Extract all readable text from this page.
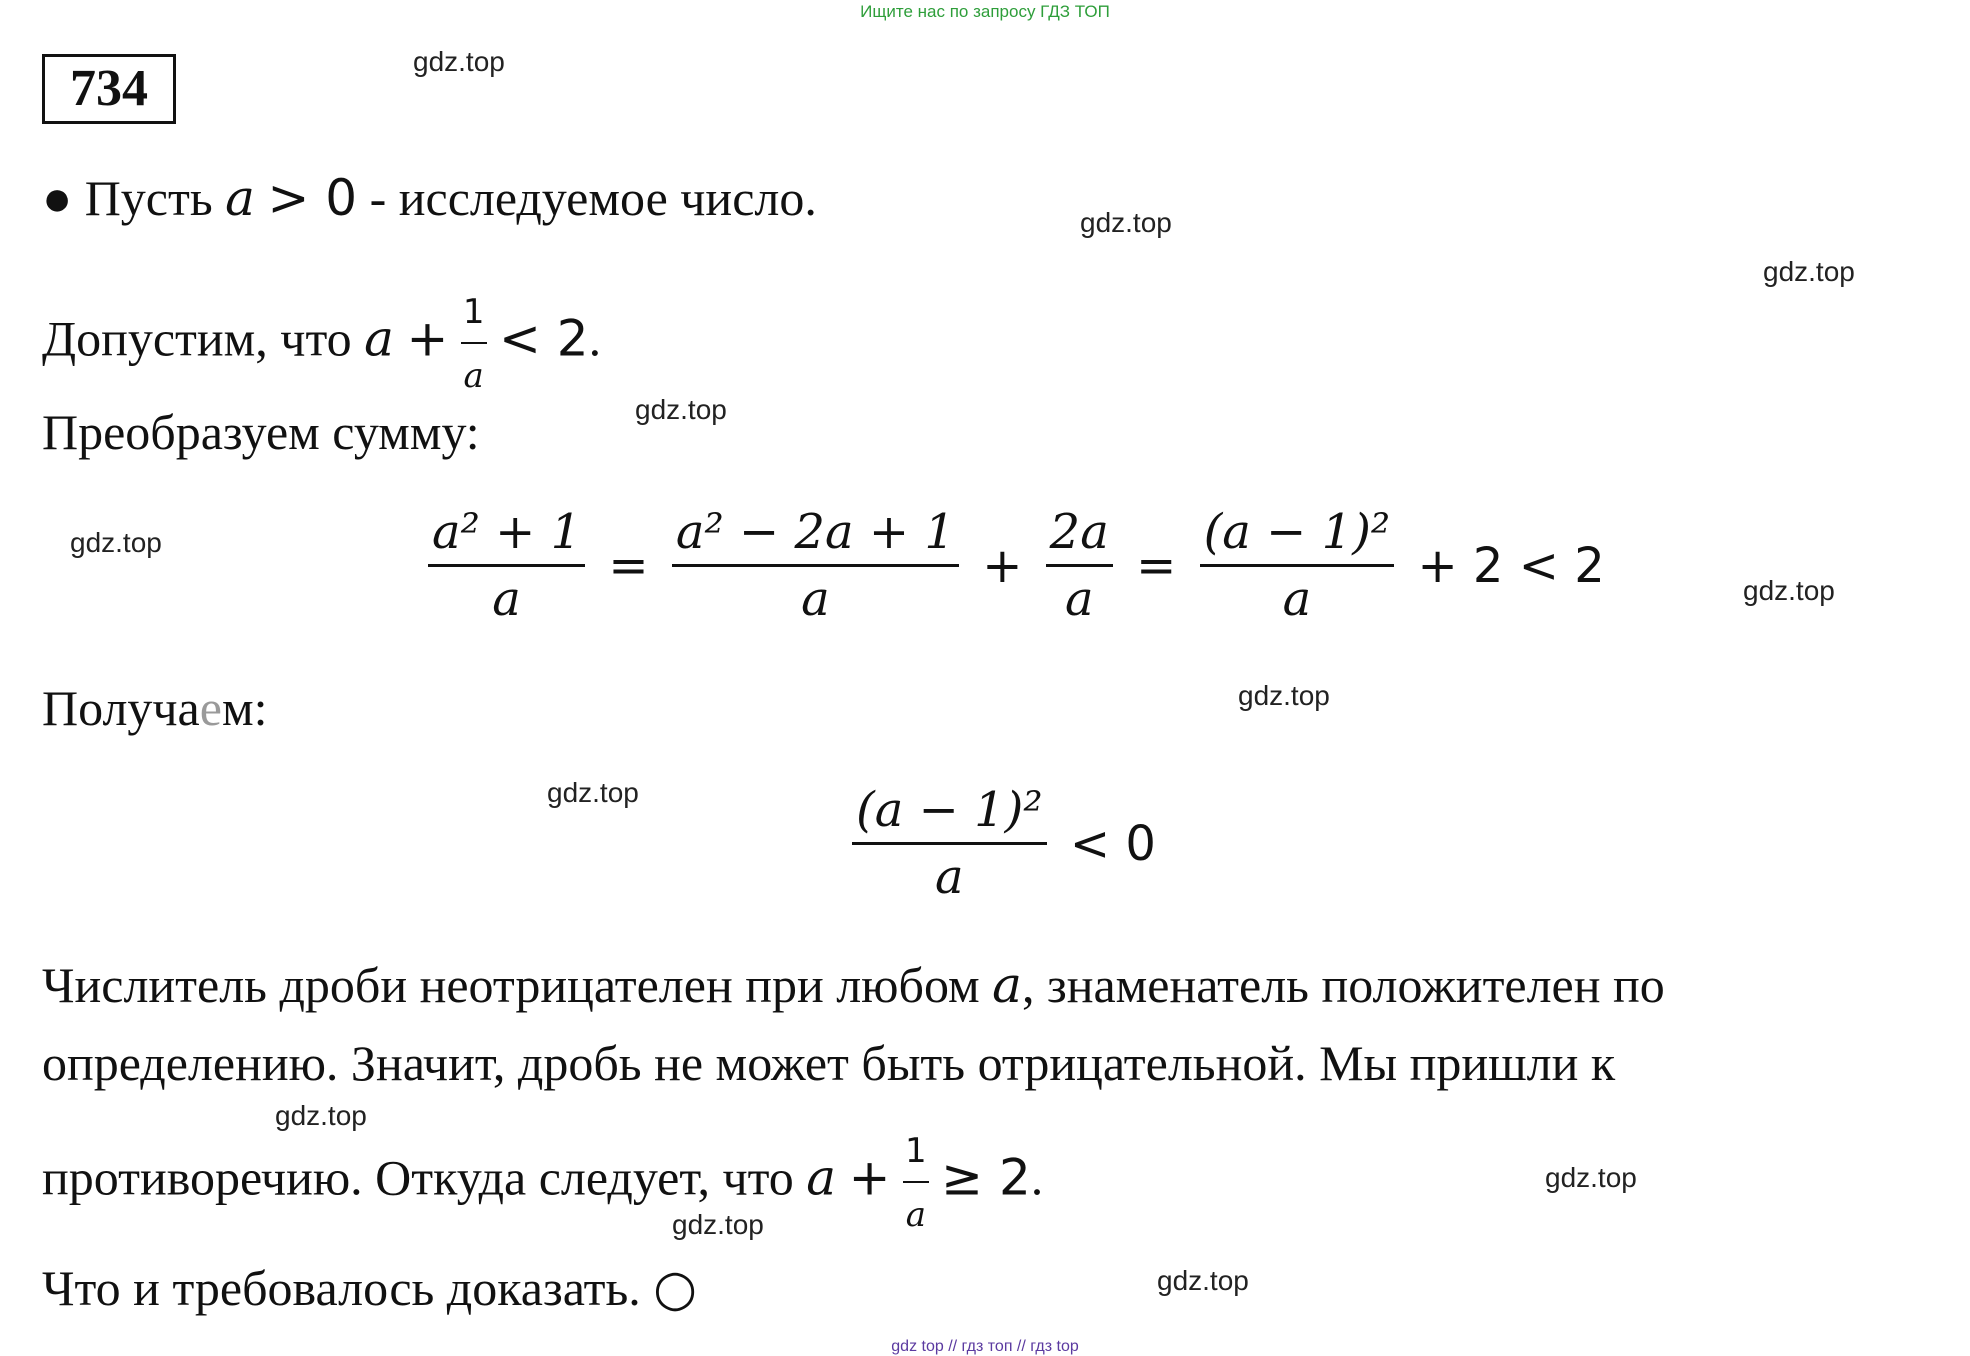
Ищите нас по запросу ГДЗ ТОП
734	gdz.top
gdz.top
gdz.top
gdz.top
gdz.top
gdz.top
gdz.top
gdz.top
gdz.top
gdz.top
gdz.top
gdz.top
● Пусть a > 0 - исследуемое число.
Допустим, что $a + \frac{1}{a} < 2$.
Преобразуем сумму:
$\frac{\text{a² + 1}}{a} = \frac{\text{a² − 2a + 1}}{a} + \frac{2a}{a} = \frac{\text{(a − 1)²}}{a} + 2 < 2$
Получаем:
$\frac{\text{(a − 1)²}}{a} < 0$
Числитель дроби неотрицателен при любом a, знаменатель положителен по
определению. Значит, дробь не может быть отрицательной. Мы пришли к
противоречию. Откуда следует, что $a + \frac{1}{a} \ge 2$.
Что и требовалось доказать. ○
gdz top // гдз топ // гдз top
